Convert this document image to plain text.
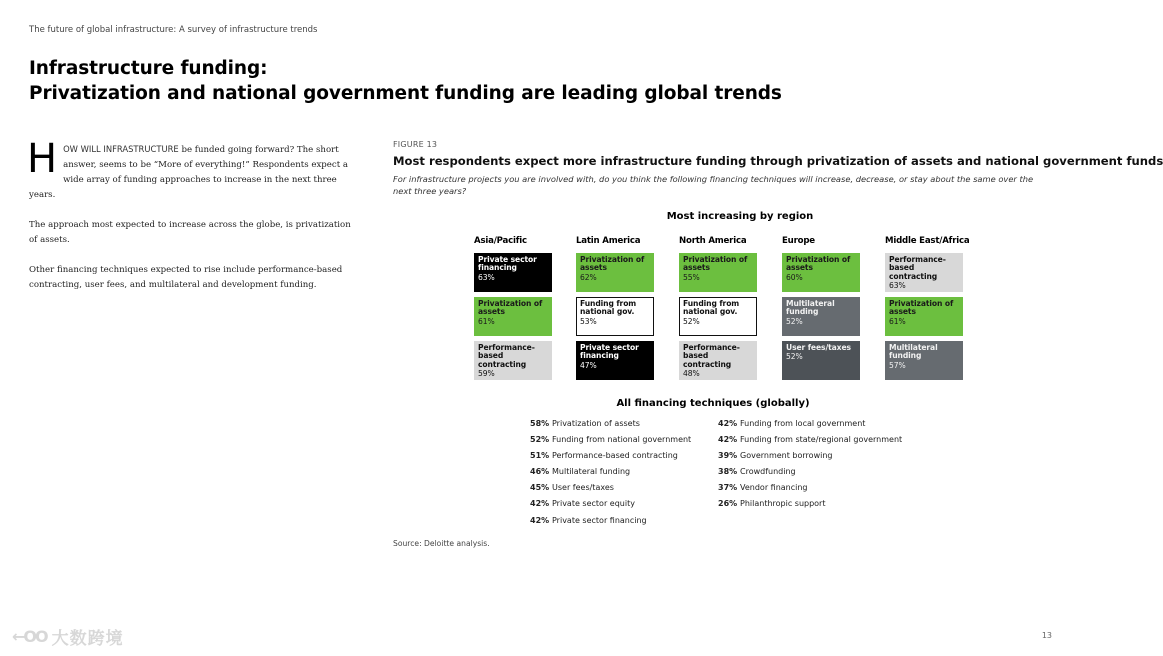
The future of global infrastructure: A survey of infrastructure trends
Infrastructure funding:
Privatization and national government funding are leading global trends

HOW WILL INFRASTRUCTURE be funded going forward? The short answer, seems to be “More of everything!” Respondents expect a wide array of funding approaches to increase in the next three years.

The approach most expected to increase across the globe, is privatization of assets.

Other financing techniques expected to rise include performance-based contracting, user fees, and multilateral and development funding.

FIGURE 13
Most respondents expect more infrastructure funding through privatization of assets and national government funds
For infrastructure projects you are involved with, do you think the following financing techniques will increase, decrease, or stay about the same over the next three years?
Most increasing by region
Asia/Pacific
Private sector financing
63%
Privatization of assets
61%
Performance-based contracting
59%
Latin America
Privatization of assets
62%
Funding from national gov.
53%
Private sector financing
47%
North America
Privatization of assets
55%
Funding from national gov.
52%
Performance-based contracting
48%
Europe
Privatization of assets
60%
Multilateral funding
52%
User fees/taxes
52%
Middle East/Africa
Performance-based contracting
63%
Privatization of assets
61%
Multilateral funding
57%
All financing techniques (globally)
58% Privatization of assets
52% Funding from national government
51% Performance-based contracting
46% Multilateral funding
45% User fees/taxes
42% Private sector equity
42% Private sector financing
42% Funding from local government
42% Funding from state/regional government
39% Government borrowing
38% Crowdfunding
37% Vendor financing
26% Philanthropic support
Source: Deloitte analysis.
13
←OO 大数跨境
